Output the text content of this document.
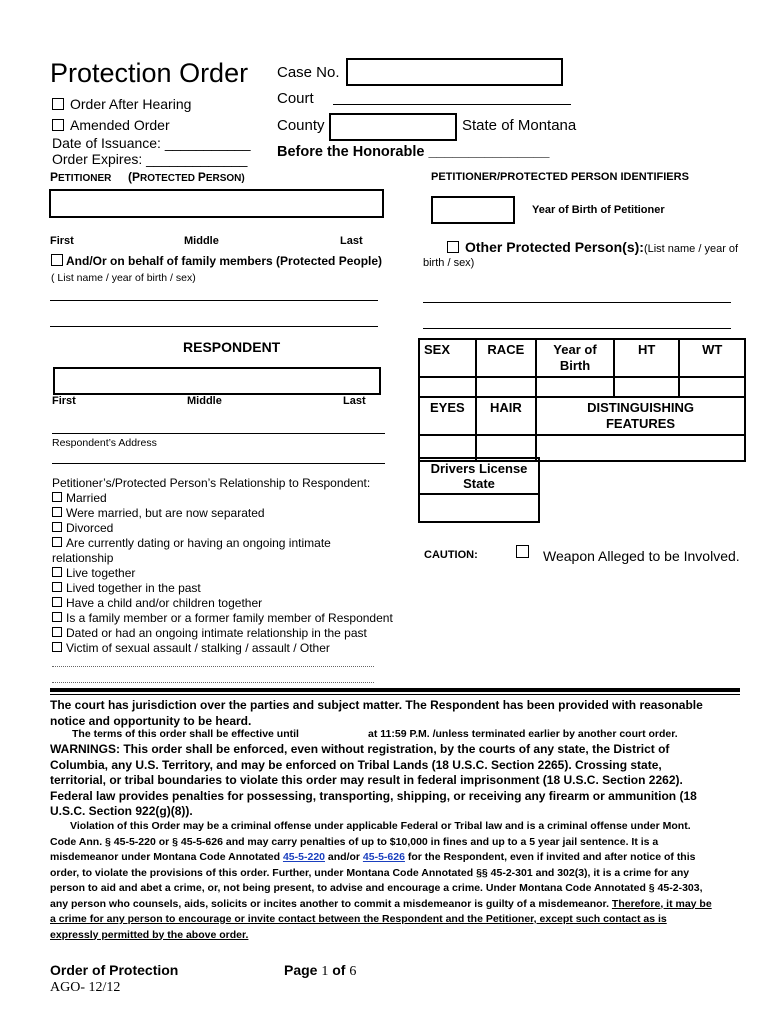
Protection Order
Order After Hearing
Amended Order
Date of Issuance: ___________
Order Expires: _____________
Case No.
Court
County	State of Montana
Before the Honorable _______________
PETITIONER (PROTECTED PERSON)
First	Middle	Last
And/Or on behalf of family members (Protected People)
( List name / year of birth / sex)
PETITIONER/PROTECTED PERSON IDENTIFIERS
Year of Birth of Petitioner
Other Protected Person(s):(List name / year of
birth / sex)
RESPONDENT
First	Middle	Last
Respondent’s Address
Petitioner’s/Protected Person’s Relationship to Respondent:
Married
Were married, but are now separated
Divorced
Are currently dating or having an ongoing intimate relationship
Live together
Lived together in the past
Have a child and/or children together
Is a family member or a former family member of Respondent
Dated or had an ongoing intimate relationship in the past
Victim of sexual assault / stalking / assault / Other
SEX	RACE	Year of Birth	HT	WT

EYES	HAIR	DISTINGUISHING FEATURES		

Drivers License State

CAUTION:	Weapon Alleged to be Involved.

The court has jurisdiction over the parties and subject matter. The Respondent has been provided with reasonable notice and opportunity to be heard.

The terms of this order shall be effective until	at 11:59 P.M. /unless terminated earlier by another court order.

WARNINGS: This order shall be enforced, even without registration, by the courts of any state, the District of Columbia, any U.S. Territory, and may be enforced on Tribal Lands (18 U.S.C. Section 2265). Crossing state, territorial, or tribal boundaries to violate this order may result in federal imprisonment (18 U.S.C. Section 2262). Federal law provides penalties for possessing, transporting, shipping, or receiving any firearm or ammunition (18 U.S.C. Section 922(g)(8)).

Violation of this Order may be a criminal offense under applicable Federal or Tribal law and is a criminal offense under Mont. Code Ann. § 45-5-220 or § 45-5-626 and may carry penalties of up to $10,000 in fines and up to a 5 year jail sentence. It is a misdemeanor under Montana Code Annotated 45-5-220 and/or 45-5-626 for the Respondent, even if invited and after notice of this order, to violate the provisions of this order. Further, under Montana Code Annotated §§ 45-2-301 and 302(3), it is a crime for any person to aid and abet a crime, or, not being present, to advise and encourage a crime. Under Montana Code Annotated § 45-2-303, any person who counsels, aids, solicits or incites another to commit a misdemeanor is guilty of a misdemeanor. Therefore, it may be a crime for any person to encourage or invite contact between the Respondent and the Petitioner, except such contact as is expressly permitted by the above order.

Order of Protection	Page 1 of 6
AGO- 12/12
